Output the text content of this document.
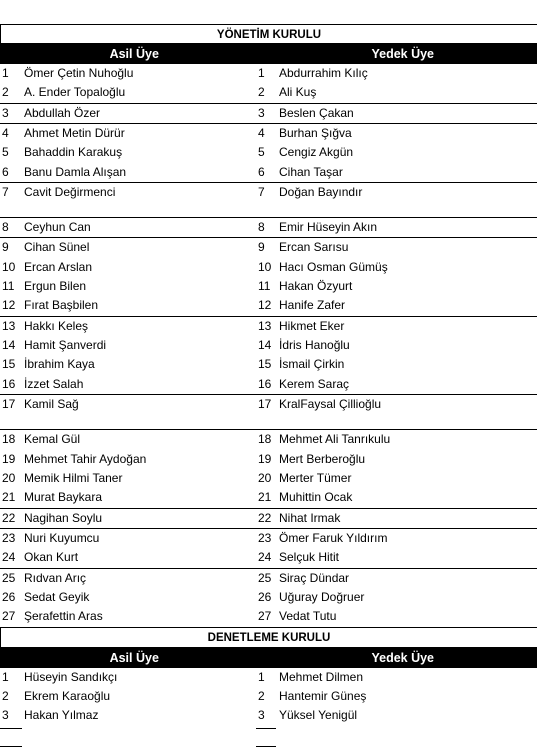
YÖNETİM KURULU
Asil Üye	Yedek Üye
1	Ömer Çetin Nuhoğlu	1	Abdurrahim Kılıç
2	A. Ender Topaloğlu	2	Ali Kuş
3	Abdullah Özer	3	Beslen Çakan
4	Ahmet Metin Dürür	4	Burhan Şığva
5	Bahaddin Karakuş	5	Cengiz Akgün
6	Banu Damla Alışan	6	Cihan Taşar
7	Cavit Değirmenci	7	Doğan Bayındır
8	Ceyhun Can	8	Emir Hüseyin Akın
9	Cihan Sünel	9	Ercan Sarısu
10 Ercan Arslan	10 Hacı Osman Gümüş
11 Ergun Bilen	11 Hakan Özyurt
12 Fırat Başbilen	12 Hanife Zafer
13 Hakkı Keleş	13 Hikmet Eker
14 Hamit Şanverdi	14 İdris Hanoğlu
15 İbrahim Kaya	15 İsmail Çirkin
16 İzzet Salah	16 Kerem Saraç
17 Kamil Sağ	17 KralFaysal Çillioğlu
18 Kemal Gül	18 Mehmet Ali Tanrıkulu
19 Mehmet Tahir Aydoğan	19 Mert Berberoğlu
20 Memik Hilmi Taner	20 Merter Tümer
21 Murat Baykara	21 Muhittin Ocak
22 Nagihan Soylu	22 Nihat Irmak
23 Nuri Kuyumcu	23 Ömer Faruk Yıldırım
24 Okan Kurt	24 Selçuk Hitit
25 Rıdvan Arıç	25 Siraç Dündar
26 Sedat Geyik	26 Uğuray Doğruer
27 Şerafettin Aras	27 Vedat Tutu
DENETLEME KURULU
Asil Üye	Yedek Üye
1	Hüseyin Sandıkçı	1	Mehmet Dilmen
2	Ekrem Karaoğlu	2	Hantemir Güneş
3	Hakan Yılmaz	3	Yüksel Yenigül
